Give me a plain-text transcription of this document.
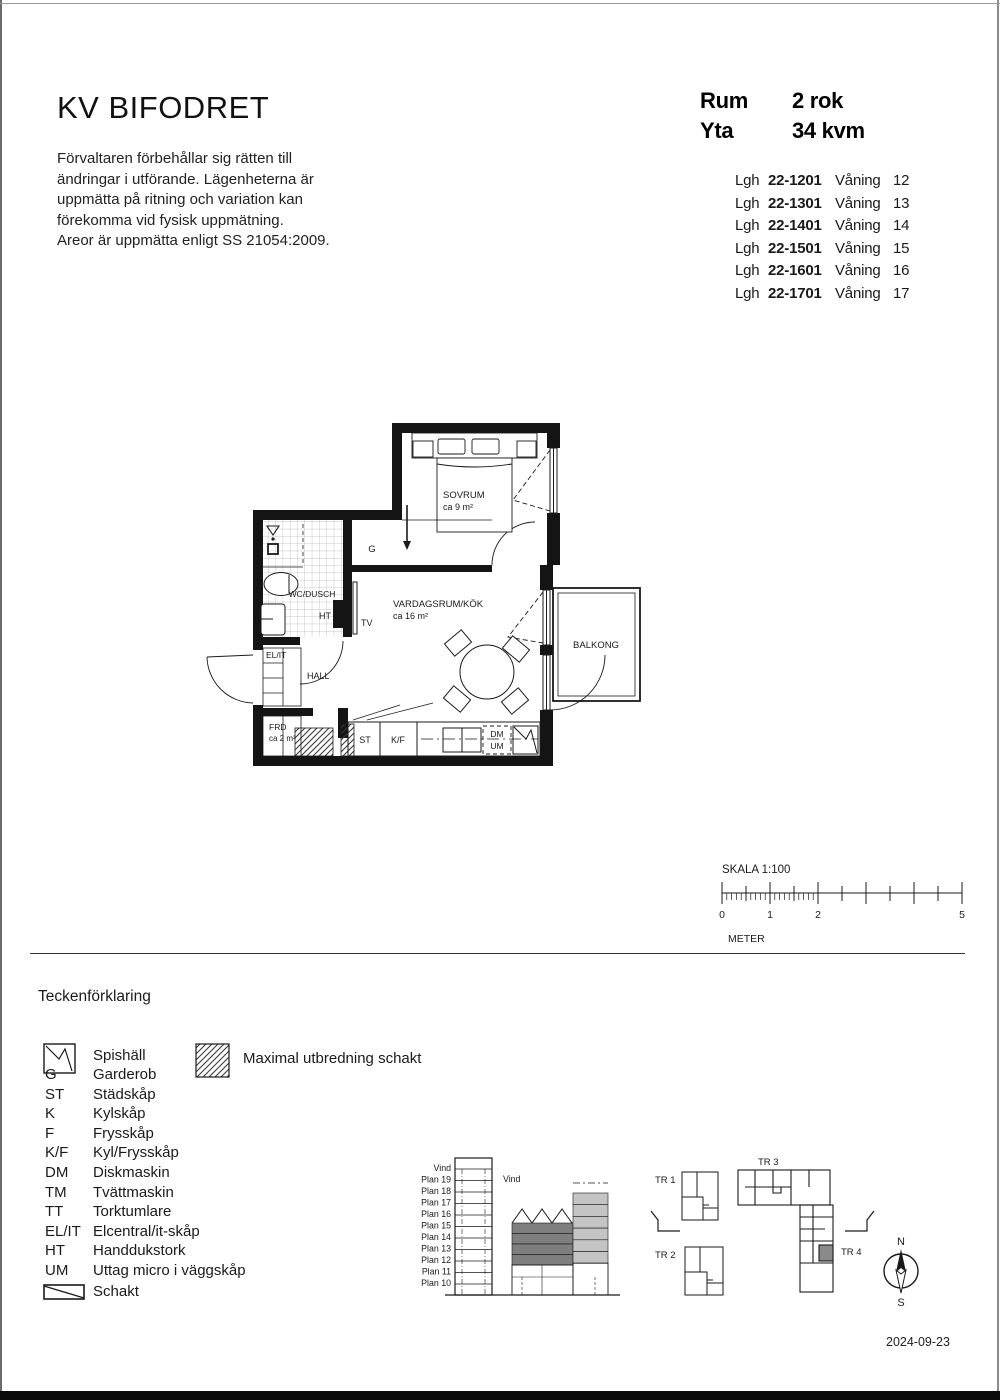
KV BIFODRET
Förvaltaren förbehållar sig rätten till
ändringar i utförande. Lägenheterna är
uppmätta på ritning och variation kan
förekomma vid fysisk uppmätning.
Areor är uppmätta enligt SS 21054:2009.
Rum	2 rok
Yta	34 kvm
Lgh 22-1201 Våning 12
Lgh 22-1301 Våning 13
Lgh 22-1401 Våning 14
Lgh 22-1501 Våning 15
Lgh 22-1601 Våning 16
Lgh 22-1701 Våning 17
SOVRUM
ca 9 m²
VARDAGSRUM/KÖK
ca 16 m²
WC/DUSCH
HALL
FRD
ca 2 m²
BALKONG
EL/IT
G
HT
TV
ST K/F
DM
UM
SKALA 1:100
0	1	2	5
METER
Teckenförklaring
Spishäll	Maximal utbredning schakt
G Garderob
ST Städskåp
K	Kylskåp
F	Frysskåp
K/F Kyl/Frysskåp
DM Diskmaskin
TM Tvättmaskin
TT Torktumlare
EL/IT Elcentral/it-skåp
HT Handdukstork
UM Uttag micro i väggskåp
Schakt
Vind
Plan 19
Plan 18
Plan 17
Plan 16
Plan 15
Plan 14
Plan 13
Plan 12
Plan 11
Plan 10
Vind	TR 1
TR 2
TR 3
TR 4
N
S
2024-09-23
